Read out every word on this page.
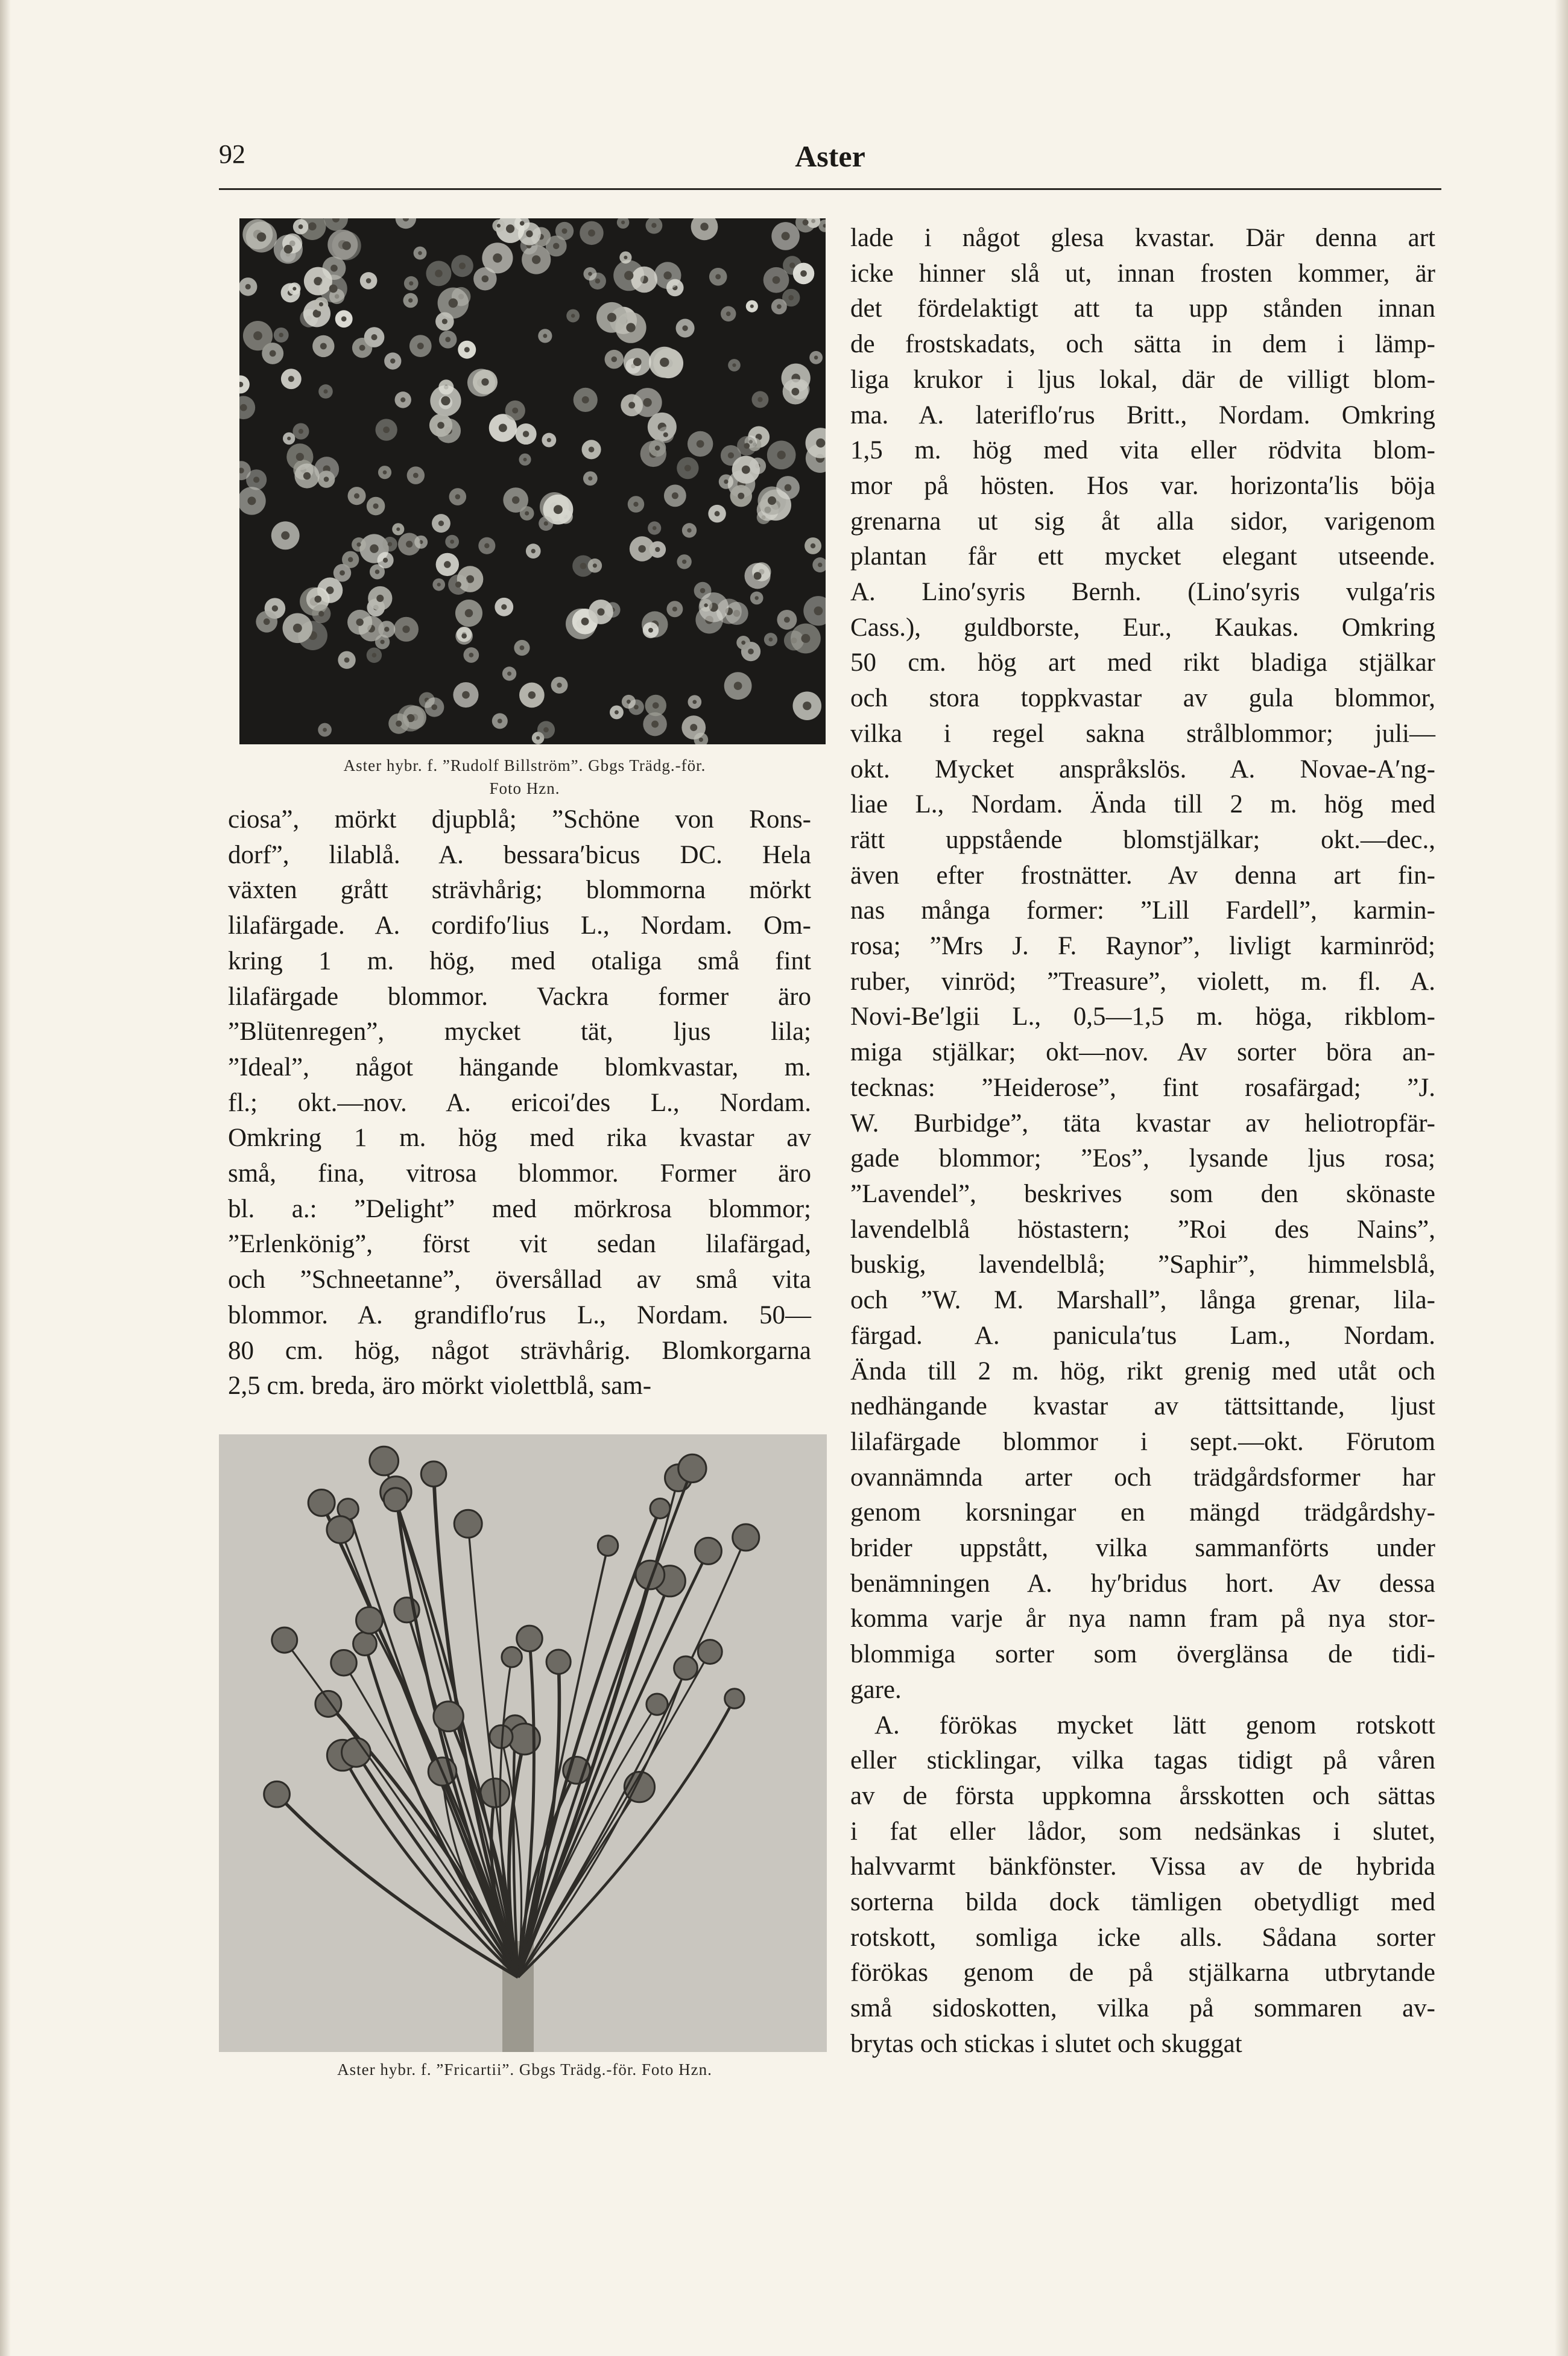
92	Aster
Aster hybr. f. ”Rudolf Billström”. Gbgs Trädg.-för.
Foto Hzn.
ciosa”, mörkt djupblå; ”Schöne von Rons-
dorf”, lilablå. A. bessara′bicus DC. Hela
växten grått strävhårig; blommorna mörkt
lilafärgade. A. cordifo′lius L., Nordam. Om-
kring 1 m. hög, med otaliga små fint
lilafärgade blommor. Vackra former äro
”Blütenregen”, mycket tät, ljus lila;
”Ideal”, något hängande blomkvastar, m.
fl.; okt.—nov. A. ericoi′des L., Nordam.
Omkring 1 m. hög med rika kvastar av
små, fina, vitrosa blommor. Former äro
bl. a.: ”Delight” med mörkrosa blommor;
”Erlenkönig”, först vit sedan lilafärgad,
och ”Schneetanne”, översållad av små vita
blommor. A. grandiflo′rus L., Nordam. 50—
80 cm. hög, något strävhårig. Blomkorgarna
2,5 cm. breda, äro mörkt violettblå, sam-
Aster hybr. f. ”Fricartii”. Gbgs Trädg.-för. Foto Hzn.
lade i något glesa kvastar. Där denna art
icke hinner slå ut, innan frosten kommer, är
det fördelaktigt att ta upp stånden innan
de frostskadats, och sätta in dem i lämp-
liga krukor i ljus lokal, där de villigt blom-
ma. A. lateriflo′rus Britt., Nordam. Omkring
1,5 m. hög med vita eller rödvita blom-
mor på hösten. Hos var. horizonta′lis böja
grenarna ut sig åt alla sidor, varigenom
plantan får ett mycket elegant utseende.
A. Lino′syris Bernh. (Lino′syris vulga′ris
Cass.), guldborste, Eur., Kaukas. Omkring
50 cm. hög art med rikt bladiga stjälkar
och stora toppkvastar av gula blommor,
vilka i regel sakna strålblommor; juli—
okt. Mycket anspråkslös. A. Novae-A′ng-
liae L., Nordam. Ända till 2 m. hög med
rätt uppstående blomstjälkar; okt.—dec.,
även efter frostnätter. Av denna art fin-
nas många former: ”Lill Fardell”, karmin-
rosa; ”Mrs J. F. Raynor”, livligt karminröd;
ruber, vinröd; ”Treasure”, violett, m. fl. A.
Novi-Be′lgii L., 0,5—1,5 m. höga, rikblom-
miga stjälkar; okt—nov. Av sorter böra an-
tecknas: ”Heiderose”, fint rosafärgad; ”J.
W. Burbidge”, täta kvastar av heliotropfär-
gade blommor; ”Eos”, lysande ljus rosa;
”Lavendel”, beskrives som den skönaste
lavendelblå höstastern; ”Roi des Nains”,
buskig, lavendelblå; ”Saphir”, himmelsblå,
och ”W. M. Marshall”, långa grenar, lila-
färgad. A. panicula′tus Lam., Nordam.
Ända till 2 m. hög, rikt grenig med utåt och
nedhängande kvastar av tättsittande, ljust
lilafärgade blommor i sept.—okt. Förutom
ovannämnda arter och trädgårdsformer har
genom korsningar en mängd trädgårdshy-
brider uppstått, vilka sammanförts under
benämningen A. hy′bridus hort. Av dessa
komma varje år nya namn fram på nya stor-
blommiga sorter som överglänsa de tidi-
gare.
A. förökas mycket lätt genom rotskott
eller sticklingar, vilka tagas tidigt på våren
av de första uppkomna årsskotten och sättas
i fat eller lådor, som nedsänkas i slutet,
halvvarmt bänkfönster. Vissa av de hybrida
sorterna bilda dock tämligen obetydligt med
rotskott, somliga icke alls. Sådana sorter
förökas genom de på stjälkarna utbrytande
små sidoskotten, vilka på sommaren av-
brytas och stickas i slutet och skuggat
